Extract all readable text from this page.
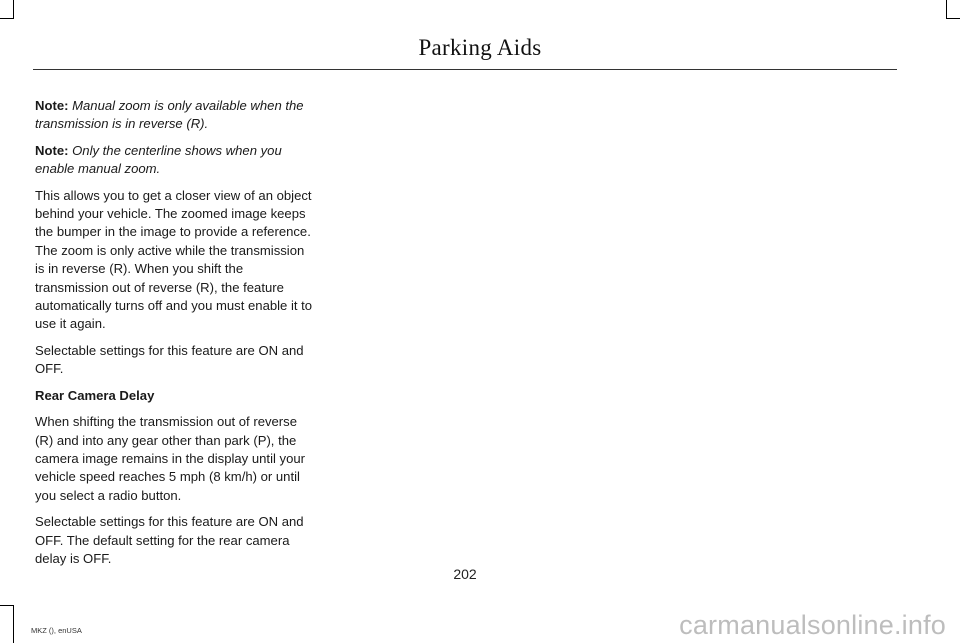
Parking Aids

Note: Manual zoom is only available when the transmission is in reverse (R).

Note: Only the centerline shows when you enable manual zoom.

This allows you to get a closer view of an object behind your vehicle. The zoomed image keeps the bumper in the image to provide a reference. The zoom is only active while the transmission is in reverse (R). When you shift the transmission out of reverse (R), the feature automatically turns off and you must enable it to use it again.

Selectable settings for this feature are ON and OFF.

Rear Camera Delay

When shifting the transmission out of reverse (R) and into any gear other than park (P), the camera image remains in the display until your vehicle speed reaches 5 mph (8 km/h) or until you select a radio button.

Selectable settings for this feature are ON and OFF. The default setting for the rear camera delay is OFF.

202
MKZ (), enUSA	carmanualsonline.info
